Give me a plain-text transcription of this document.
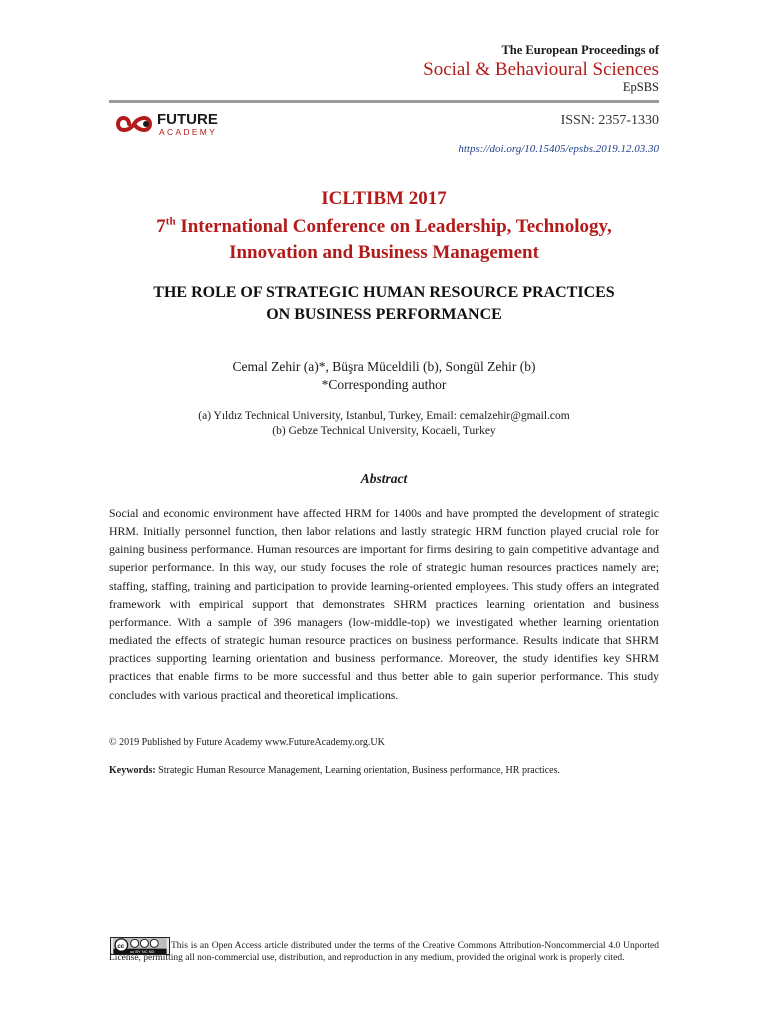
The European Proceedings of
Social & Behavioural Sciences
EpSBS
FUTURE
ACADEMY
ISSN: 2357-1330
https://doi.org/10.15405/epsbs.2019.12.03.30
ICLTIBM 2017
7th International Conference on Leadership, Technology,
Innovation and Business Management
THE ROLE OF STRATEGIC HUMAN RESOURCE PRACTICES
ON BUSINESS PERFORMANCE
Cemal Zehir (a)*, Büşra Müceldili (b), Songül Zehir (b)
*Corresponding author
(a) Yıldız Technical University, Istanbul, Turkey, Email: cemalzehir@gmail.com
(b) Gebze Technical University, Kocaeli, Turkey
Abstract

Social and economic environment have affected HRM for 1400s and have prompted the development of strategic HRM. Initially personnel function, then labor relations and lastly strategic HRM function played crucial role for gaining business performance. Human resources are important for firms desiring to gain competitive advantage and superior performance. In this way, our study focuses the role of strategic human resources practices namely are; staffing, staffing, training and participation to provide learning-oriented employees. This study offers an integrated framework with empirical support that demonstrates SHRM practices learning orientation and business performance. With a sample of 396 managers (low-middle-top) we investigated whether learning orientation mediated the effects of strategic human resource practices on business performance. Results indicate that SHRM practices supporting learning orientation and business performance. Moreover, the study identifies key SHRM practices that enable firms to be more successful and thus better able to gain superior performance. This study concludes with various practical and theoretical implications.

© 2019 Published by Future Academy www.FutureAcademy.org.UK
Keywords: Strategic Human Resource Management, Learning orientation, Business performance, HR practices.
cc
cc BY NC ND

This is an Open Access article distributed under the terms of the Creative Commons Attribution-Noncommercial 4.0 Unported License, permitting all non-commercial use, distribution, and reproduction in any medium, provided the original work is properly cited.
